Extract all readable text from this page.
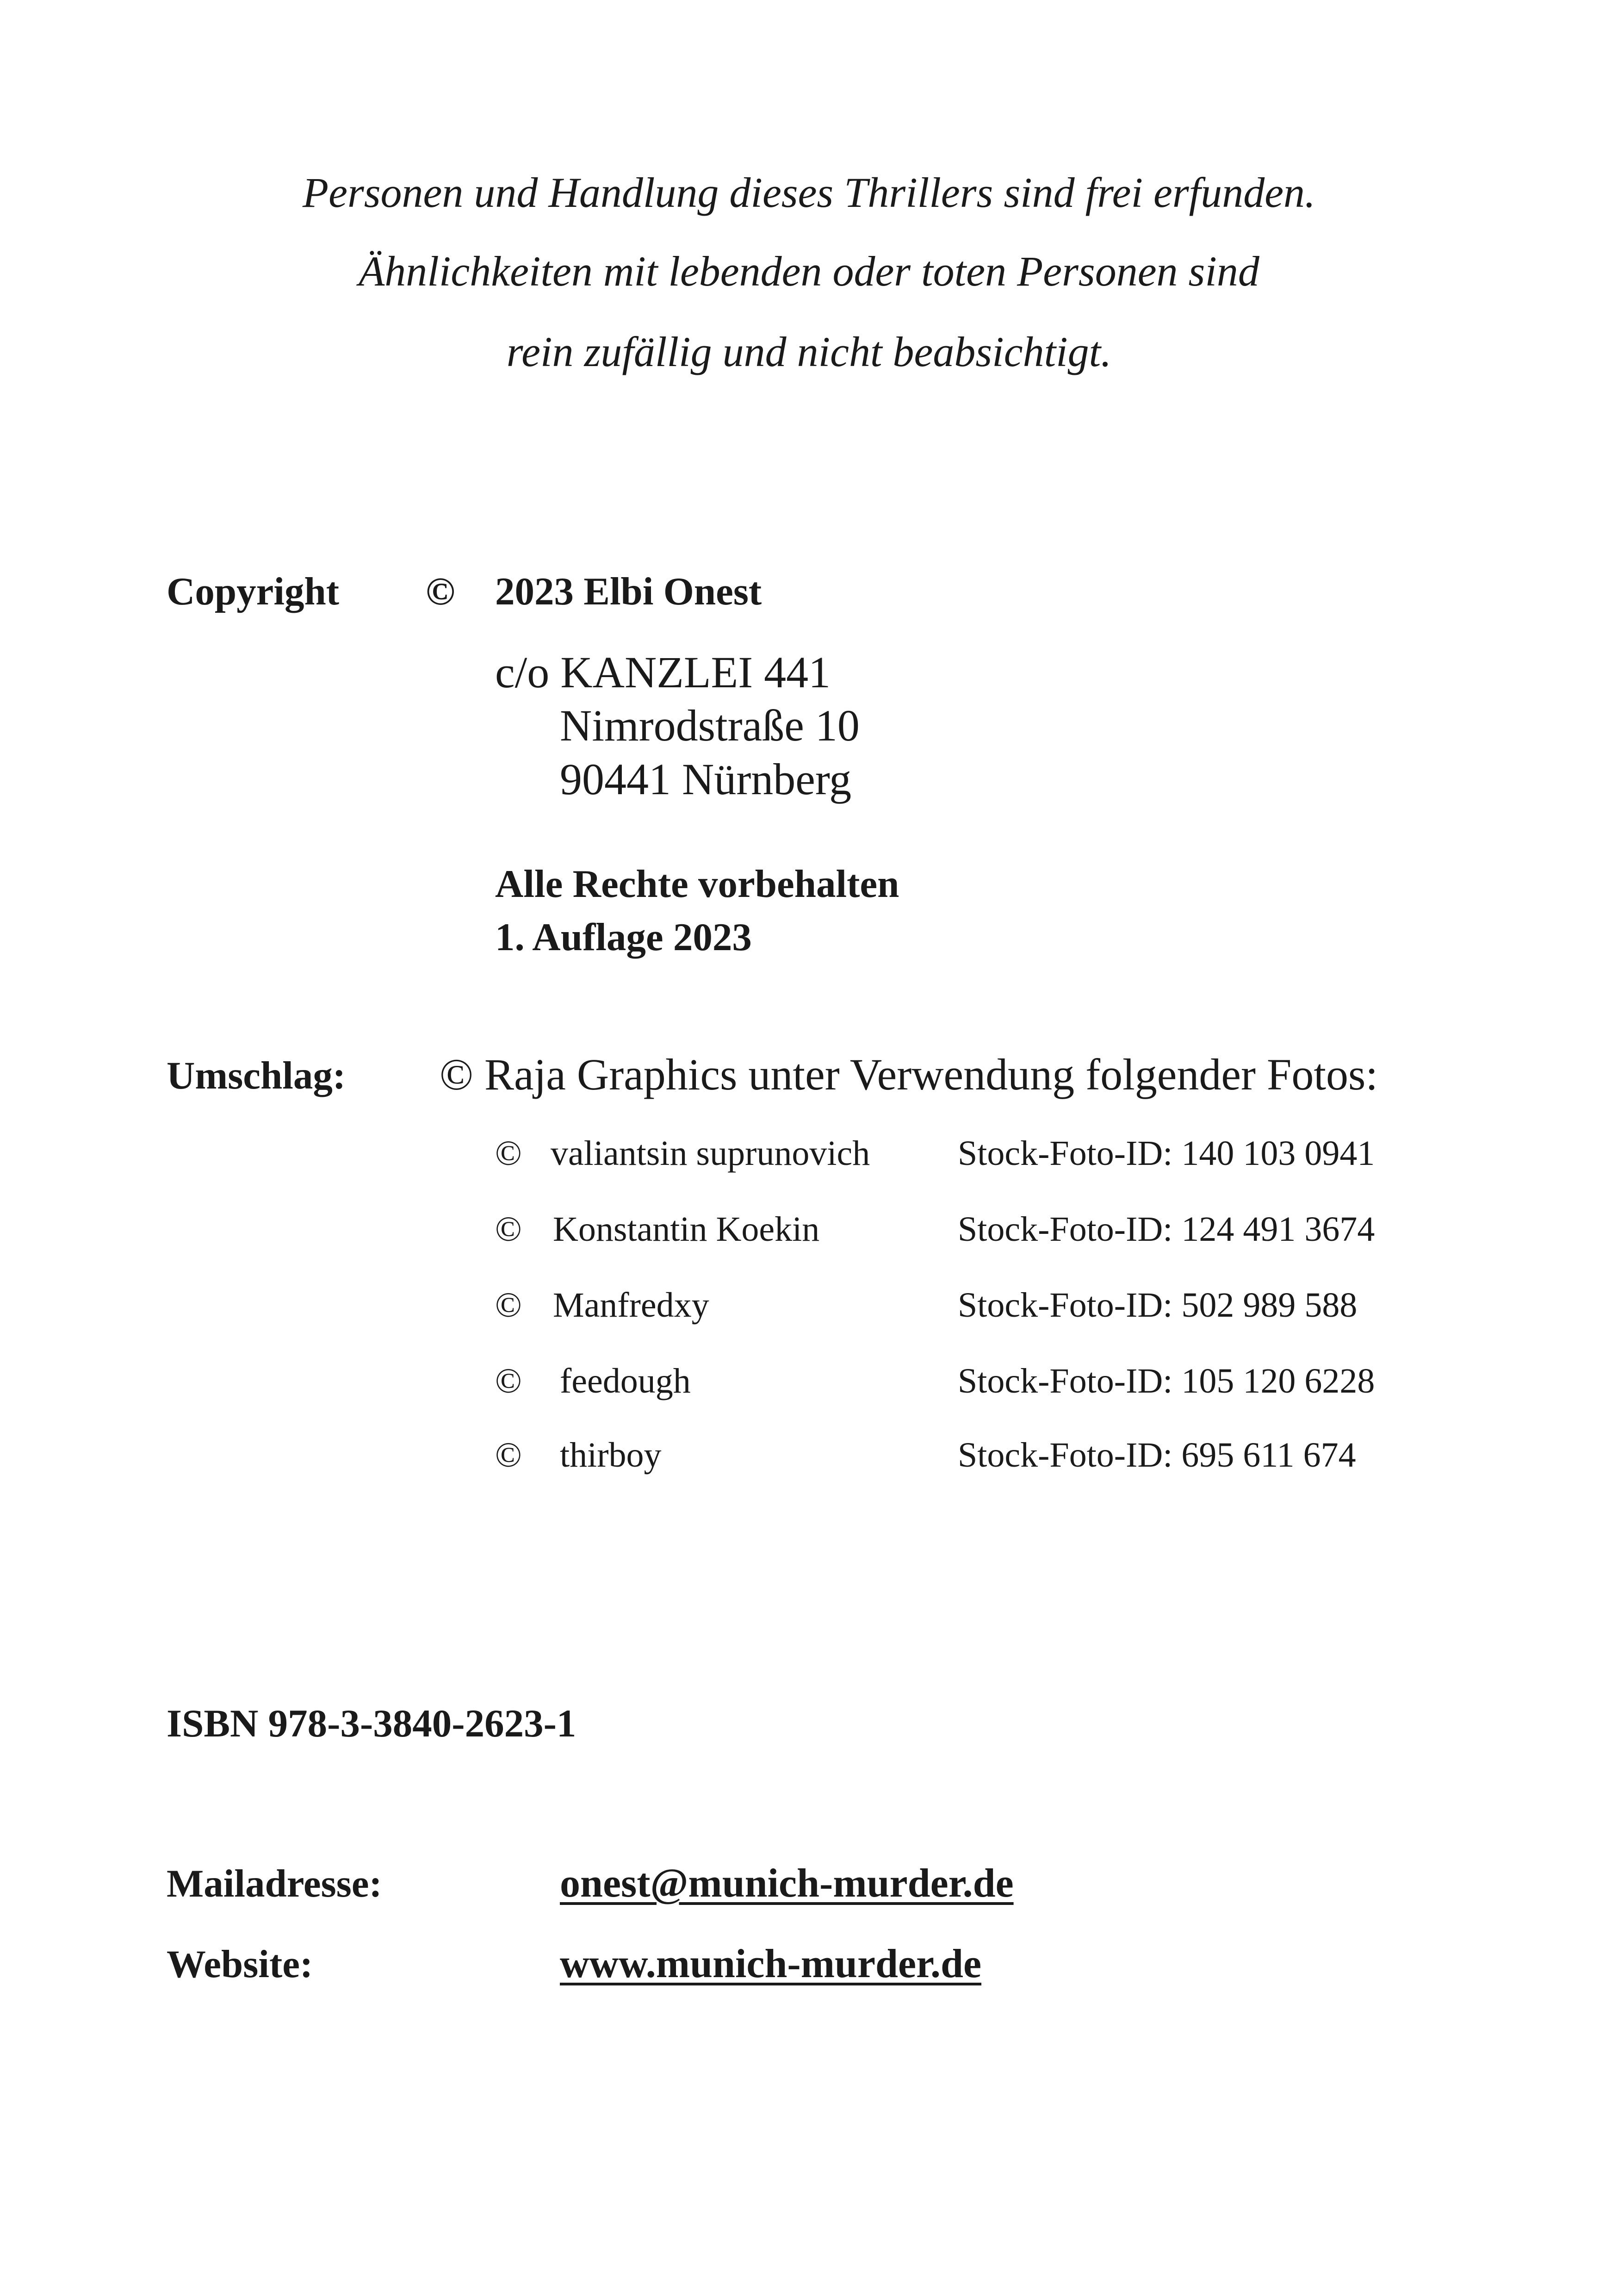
Personen und Handlung dieses Thrillers sind frei erfunden.
Ähnlichkeiten mit lebenden oder toten Personen sind
rein zufällig und nicht beabsichtigt.
Copyright © 2023 Elbi Onest
c/o KANZLEI 441
Nimrodstraße 10
90441 Nürnberg
Alle Rechte vorbehalten
1. Auflage 2023
Umschlag: © Raja Graphics unter Verwendung folgender Fotos:
© valiantsin suprunovich Stock-Foto-ID: 140 103 0941
© Konstantin Koekin	Stock-Foto-ID: 124 491 3674
© Manfredxy	Stock-Foto-ID: 502 989 588
© feedough	Stock-Foto-ID: 105 120 6228
© thirboy	Stock-Foto-ID: 695 611 674
ISBN 978-3-3840-2623-1
Mailadresse:	onest@munich-murder.de
Website:	www.munich-murder.de
